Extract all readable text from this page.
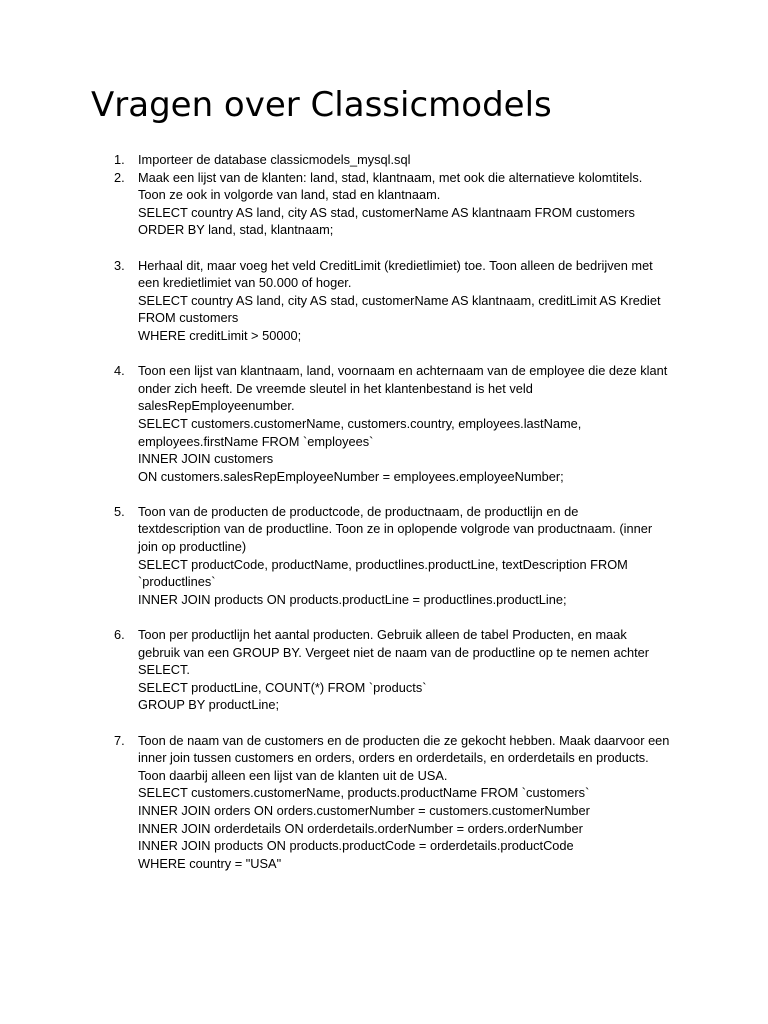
Vragen over Classicmodels
1.	Importeer de database classicmodels_mysql.sql
2.	Maak een lijst van de klanten: land, stad, klantnaam, met ook die alternatieve kolomtitels.
Toon ze ook in volgorde van land, stad en klantnaam.
SELECT country AS land, city AS stad, customerName AS klantnaam FROM customers
ORDER BY land, stad, klantnaam;
3.	Herhaal dit, maar voeg het veld CreditLimit (kredietlimiet) toe. Toon alleen de bedrijven met
een kredietlimiet van 50.000 of hoger.
SELECT country AS land, city AS stad, customerName AS klantnaam, creditLimit AS Krediet
FROM customers
WHERE creditLimit > 50000;
4.	Toon een lijst van klantnaam, land, voornaam en achternaam van de employee die deze klant
onder zich heeft. De vreemde sleutel in het klantenbestand is het veld
salesRepEmployeenumber.
SELECT customers.customerName, customers.country, employees.lastName,
employees.firstName FROM `employees`
INNER JOIN customers
ON customers.salesRepEmployeeNumber = employees.employeeNumber;
5.	Toon van de producten de productcode, de productnaam, de productlijn en de
textdescription van de productline. Toon ze in oplopende volgrode van productnaam. (inner
join op productline)
SELECT productCode, productName, productlines.productLine, textDescription FROM
`productlines`
INNER JOIN products ON products.productLine = productlines.productLine;
6.	Toon per productlijn het aantal producten. Gebruik alleen de tabel Producten, en maak
gebruik van een GROUP BY. Vergeet niet de naam van de productline op te nemen achter
SELECT.
SELECT productLine, COUNT(*) FROM `products`
GROUP BY productLine;
7.	Toon de naam van de customers en de producten die ze gekocht hebben. Maak daarvoor een
inner join tussen customers en orders, orders en orderdetails, en orderdetails en products.
Toon daarbij alleen een lijst van de klanten uit de USA.
SELECT customers.customerName, products.productName FROM `customers`
INNER JOIN orders ON orders.customerNumber = customers.customerNumber
INNER JOIN orderdetails ON orderdetails.orderNumber = orders.orderNumber
INNER JOIN products ON products.productCode = orderdetails.productCode
WHERE country = "USA"
